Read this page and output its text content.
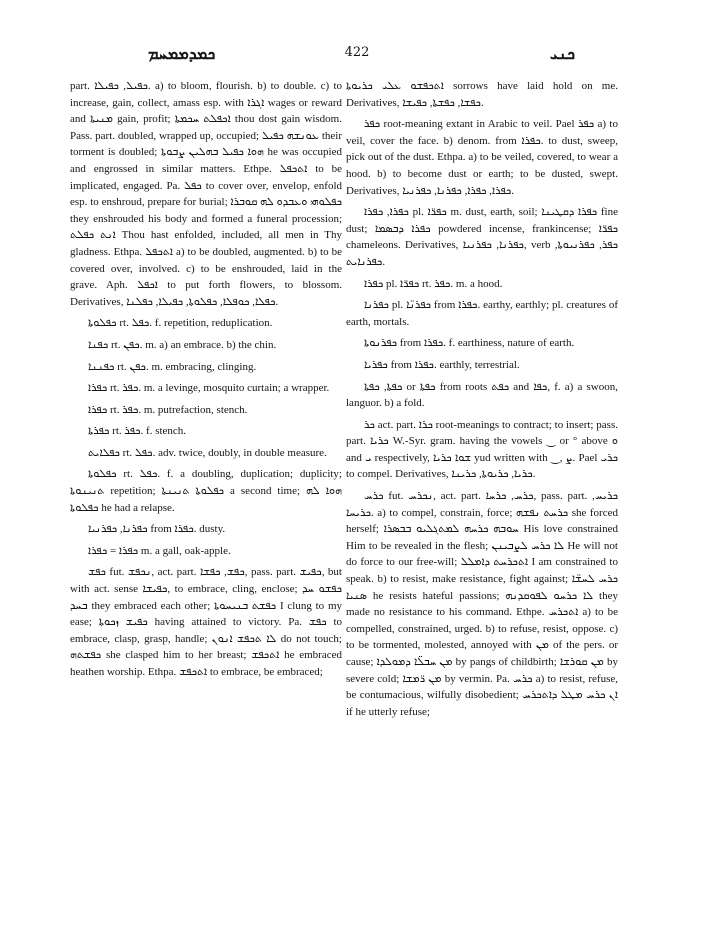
ܟܡܕܡܡܚܡ	422	ܟܢܝ

part. ܟܦܝܠ, ܟܦܝܠܐ. a) to bloom, flourish. b) to double. c) to increase, gain, collect, amass esp. with ܐܓܪܐ wages or reward and ܡܢܝܬܐ gain, profit; ܐܟܦܠܬ ܚܟܡܬܐ thou dost gain wisdom. Pass. part. doubled, wrapped up, occupied; ܥܘܢܫܗ ܟܦܝܠ their torment is doubled; ܗܘܐ ܟܦܝܠ ܒܗܠܝܢ ܨܒܘܬܐ he was occupied and engrossed in similar matters. Ethpe. ܐܬܟܦܠ to be implicated, engaged. Pa. ܟܦܠ to cover over, envelop, enfold esp. to enshroud, prepare for burial; ܟܦܠܘܗܝ ܘܥܒܕܘ ܠܗ ܩܘܒܪܐ they enshrouded his body and formed a funeral procession; ܐܢܬ ܟܦܠܬ Thou hast enfolded, included, all men in Thy gladness. Ethpa. ܐܬܟܦܠ a) to be doubled, augmented. b) to be covered over, involved. c) to be enshrouded, laid in the grave. Aph. ܐܟܦܠ to put forth flowers, to blossom. Derivatives, ܟܦܠܐ, ܟܘܦܠܐ, ܟܦܠܘܬܐ, ܟܦܝܠܐ, ܟܦܠܢܐ.

ܟܦܠܘܬܐ rt. ܟܦܠ. f. repetition, reduplication.

ܟܦܢܐ rt. ܟܦܢ. m. a) an embrace. b) the chin.

ܟܦܢܢܐ rt. ܟܦܢ. m. embracing, clinging.

ܟܦܪܐ rt. ܟܦܪ. m. a levinge, mosquito curtain; a wrapper.

ܟܦܪܐ rt. ܟܦܪ. m. putrefaction, stench.

ܟܦܪܬܐ rt. ܟܦܪ. f. stench.

ܟܦܠܐܝܬ rt. ܟܦܠ. adv. twice, doubly, in double measure.

ܟܦܠܘܬܐ rt. ܟܦܠ. f. a doubling, duplication; duplicity; ܬܢܝܢܘܬܐ repetition; ܟܦܠܘܬܐ ܬܢܝܢܬܐ a second time; ܗܘܐ ܠܗ ܟܦܠܘܬܐ he had a relapse.

ܟܦܪܢܐ, ܟܦܪܢܝܐ from ܟܦܪܐ. dusty.

ܟܦܪܐ = ܟܦܪܐ m. a gall, oak-apple.

ܟܦܫ fut. ܢܟܦܫ, act. part. ܟܦܫ, ܟܦܫܐ, pass. part. ܟܦܝܫ, but with act. sense ܟܦܝܫܐ, to embrace, cling, enclose; ܟܦܫܘ ܚܕ ܒܚܕ they embraced each other; ܟܦܫܬ ܒܢܝܚܘܬܐ I clung to my ease; ܟܦܝܫ ܙܟܘܬܐ having attained to victory. Pa. ܟܦܫ to embrace, clasp, grasp, handle; ܠܐ ܬܟܦܫ ܐܢܘܢ do not touch; ܟܦܫܬܗ she clasped him to her breast; ܐܬܟܦܫ he embraced heathen worship. Ethpa. ܐܬܟܦܫ to embrace, be embraced;

ܐܬܟܦܫܘ ܥܠܝ ܟܪܝܘܬܐ sorrows have laid hold on me. Derivatives, ܟܦܫܐ, ܟܦܫܬܐ, ܟܦܝܫܐ.

ܟܦܪ root-meaning extant in Arabic to veil. Pael ܟܦܪ a) to veil, cover the face. b) denom. from ܟܦܪܐ. to dust, sweep, pick out of the dust. Ethpa. a) to be veiled, covered, to wear a hood. b) to become dust or earth; to be dusted, swept. Derivatives, ܟܦܪܐ, ܟܦܪܐ, ܟܦܪܢܐ, ܟܦܪܢܝܐ.

ܟܦܪܐ, ܟܦܪܐ pl. ܟܦܪ̈ܐ m. dust, earth, soil; ܟܦܪܐ ܕܩܛܝܢܐ fine dust; ܟܦܪܐ ܕܒܣܡܐ powdered incense, frankincense; ܟܦܪ̈ܐ chameleons. Derivatives, ܟܦܪܢܐ, ܟܦܪܢܝܐ, verb ܟܦܪ, ܟܦܪܢܝܘܬܐ, ܟܦܪܢܐܝܬ.

ܟܦܪܐ pl. ܟܦܪ̈ܐ rt. ܟܦܪ. m. a hood.

ܟܦܪܢܐ pl. ܟܦܪܢ̈ܐ from ܟܦܪܐ. earthy, earthly; pl. creatures of earth, mortals.

ܟܦܪܢܘܬܐ from ܟܦܪܐ. f. earthiness, nature of earth.

ܟܦܪܝܐ from ܟܦܪܐ. earthly, terrestrial.

ܟܦܬܐ, ܟܦܬܐ or ܟܦܬܐ from roots ܟܦܬ and ܟܦܐ, f. a) a swoon, languor. b) a fold.

ܟܪ act. part. ܟܪܐ root-meanings to contract; to insert; pass. part. ܟܪܝܐ W.-Syr. gram. having the vowels ‿ or ° above ܘ and ܝ respectively, ܫܘܐ ܟܪܝܐ yud written with ‿, ܨ. Pael ܟܪܝ to compel. Derivatives, ܟܪܝܐ, ܟܪܝܘܬܐ, ܟܪܝܢܐ.

ܟܪܚ fut. ܢܟܪܚ, act. part. ܟܪܚ, ܟܪܚܐ, pass. part. ܟܪܝܚ, ܟܪܝܚܐ. a) to compel, constrain, force; ܟܪܚܬ ܢܦܫܗ she forced herself; ܚܘܒܗ ܟܪܚܗ ܠܡܬܓܠܝܘ ܒܒܣܪܐ His love constrained Him to be revealed in the flesh; ܠܐ ܟܪܚ ܠܨܒܝܢܢ He will not do force to our free-will; ܐܬܟܪܚܬ ܕܐܡܠܠ I am constrained to speak. b) to resist, make resistance, fight against; ܟܪܚ ܠܚܫ̈ܐ ܣܢܝܐ he resists hateful passions; ܠܐ ܟܪܚܘ ܠܦܘܩܕܢܗ they made no resistance to his command. Ethpe. ܐܬܟܪܚ a) to be compelled, constrained, urged. b) to refuse, resist, oppose. c) to be tormented, molested, annoyed with ܡܢ of the pers. or cause; ܡܢ ܚܒܠ̈ܐ ܕܡܘܠܕܐ by pangs of childbirth; ܡܢ ܩܘܪܫܐ by severe cold; ܡܢ ܪ̈ܡܫܐ by vermin. Pa. ܟܪܚ a) to resist, refuse, be contumacious, wilfully disobedient; ܐܢ ܟܪܚ ܡܛܠ ܕܐܬܟܪܚ if he utterly refuse;
